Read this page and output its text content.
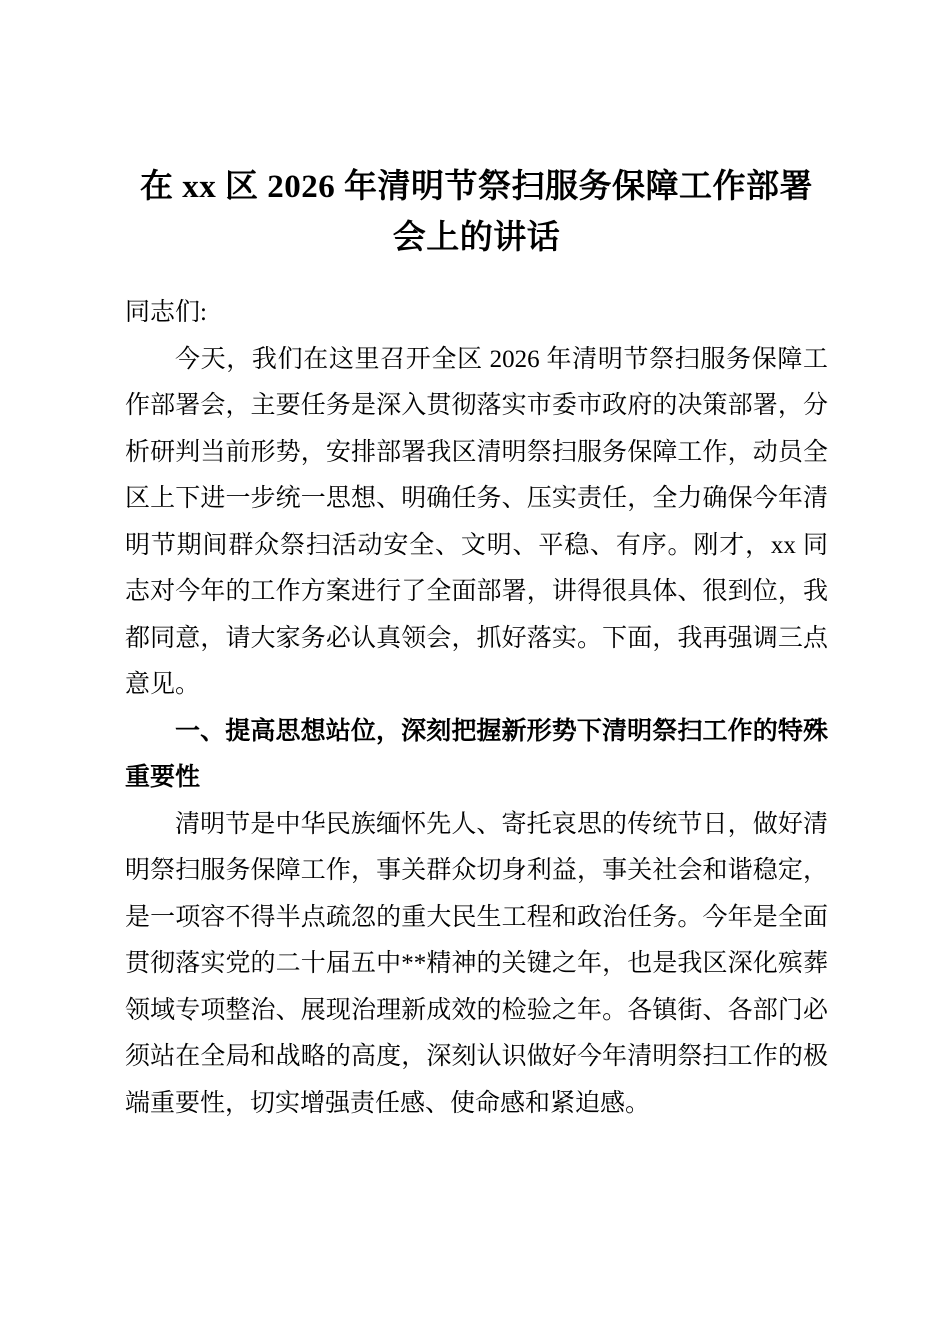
在 xx 区 2026 年清明节祭扫服务保障工作部署会上的讲话

同志们:

今天，我们在这里召开全区 2026 年清明节祭扫服务保障工作部署会，主要任务是深入贯彻落实市委市政府的决策部署，分析研判当前形势，安排部署我区清明祭扫服务保障工作，动员全区上下进一步统一思想、明确任务、压实责任，全力确保今年清明节期间群众祭扫活动安全、文明、平稳、有序。刚才，xx 同志对今年的工作方案进行了全面部署，讲得很具体、很到位，我都同意，请大家务必认真领会，抓好落实。下面，我再强调三点意见。

一、提高思想站位，深刻把握新形势下清明祭扫工作的特殊重要性

清明节是中华民族缅怀先人、寄托哀思的传统节日，做好清明祭扫服务保障工作，事关群众切身利益，事关社会和谐稳定，是一项容不得半点疏忽的重大民生工程和政治任务。今年是全面贯彻落实党的二十届五中**精神的关键之年，也是我区深化殡葬领域专项整治、展现治理新成效的检验之年。各镇街、各部门必须站在全局和战略的高度，深刻认识做好今年清明祭扫工作的极端重要性，切实增强责任感、使命感和紧迫感。
